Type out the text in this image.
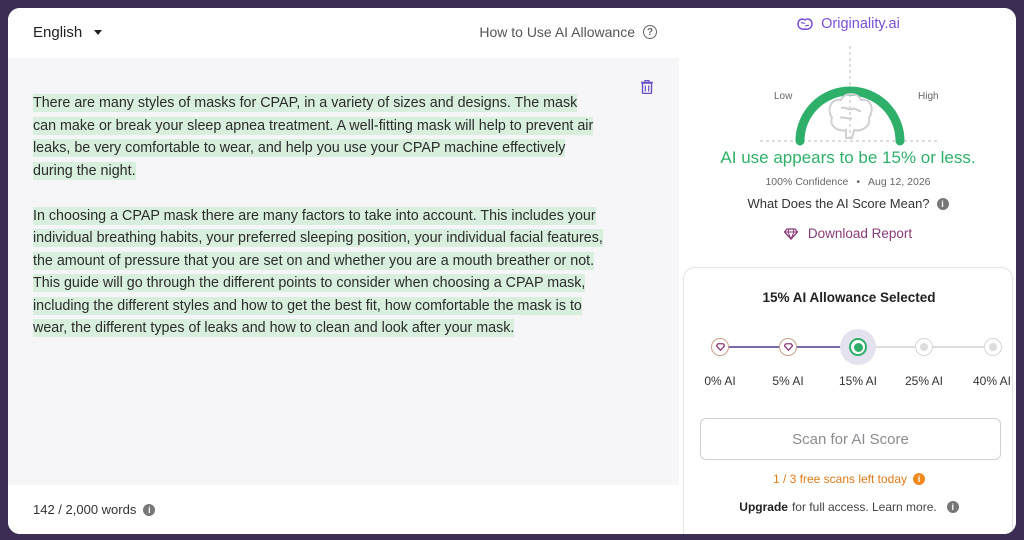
English	How to Use AI Allowance	?

There are many styles of masks for CPAP, in a variety of sizes and designs. The mask can make or break your sleep apnea treatment. A well-fitting mask will help to prevent air leaks, be very comfortable to wear, and help you use your CPAP machine effectively during the night.

In choosing a CPAP mask there are many factors to take into account. This includes your individual breathing habits, your preferred sleeping position, your individual facial features, the amount of pressure that you are set on and whether you are a mouth breather or not. This guide will go through the different points to consider when choosing a CPAP mask, including the different styles and how to get the best fit, how comfortable the mask is to wear, the different types of leaks and how to clean and look after your mask.

142 / 2,000 words	i
Originality.ai
Low	High
AI use appears to be 15% or less.
100% Confidence • Aug 12, 2026
What Does the AI Score Mean?	i
Download Report
15% AI Allowance Selected
0% AI	5% AI	15% AI	25% AI	40% AI
Scan for AI Score
1 / 3 free scans left today	i
Upgrade for full access. Learn more.	i
